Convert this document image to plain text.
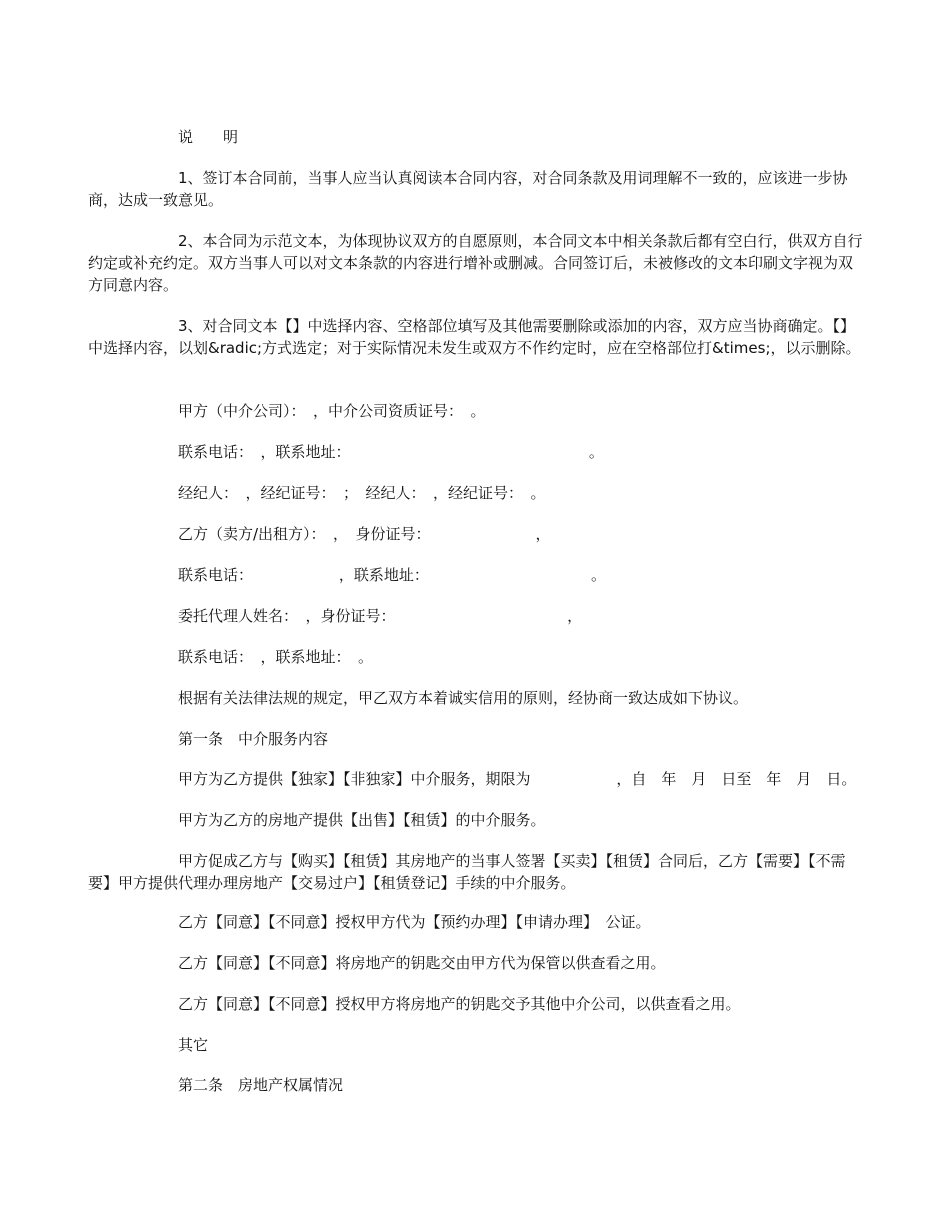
说　　明
1、签订本合同前，当事人应当认真阅读本合同内容，对合同条款及用词理解不一致的，应该进一步协商，达成一致意见。
2、本合同为示范文本，为体现协议双方的自愿原则，本合同文本中相关条款后都有空白行，供双方自行约定或补充约定。双方当事人可以对文本条款的内容进行增补或删减。合同签订后，未被修改的文本印刷文字视为双方同意内容。
3、对合同文本【】中选择内容、空格部位填写及其他需要删除或添加的内容，双方应当协商确定。【】中选择内容，以划&radic;方式选定；对于实际情况未发生或双方不作约定时，应在空格部位打&times;，以示删除。
甲方（中介公司）：　，中介公司资质证号：　。
联系电话：　，联系地址：                                                  。
经纪人：　，经纪证号：　；　经纪人：　，经纪证号：　。
乙方（卖方/出租方）：　，　身份证号：                      ，
联系电话：                  ，联系地址：                                  。
委托代理人姓名：　，身份证号：                                    ，
联系电话：　，联系地址：　。
根据有关法律法规的规定，甲乙双方本着诚实信用的原则，经协商一致达成如下协议。
第一条　中介服务内容
甲方为乙方提供【独家】【非独家】中介服务，期限为                  ，自　年　月　日至　年　月　日。
甲方为乙方的房地产提供【出售】【租赁】的中介服务。
甲方促成乙方与【购买】【租赁】其房地产的当事人签署【买卖】【租赁】合同后，乙方【需要】【不需要】甲方提供代理办理房地产【交易过户】【租赁登记】手续的中介服务。
乙方【同意】【不同意】授权甲方代为【预约办理】【申请办理】　公证。
乙方【同意】【不同意】将房地产的钥匙交由甲方代为保管以供查看之用。
乙方【同意】【不同意】授权甲方将房地产的钥匙交予其他中介公司，以供查看之用。
其它
第二条　房地产权属情况
